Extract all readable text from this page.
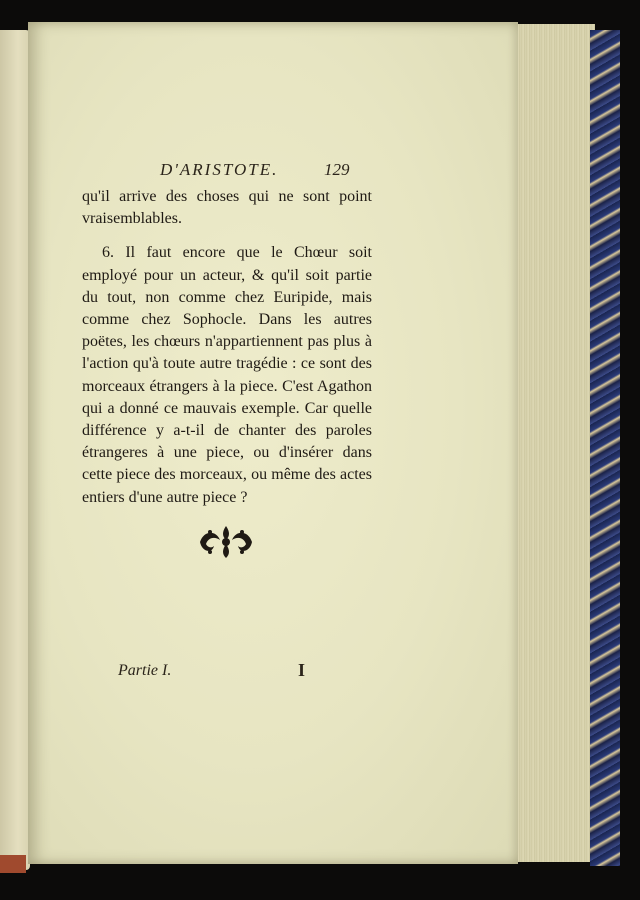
D'ARISTOTE.	129

qu'il arrive des choses qui ne sont point vraisemblables.

6. Il faut encore que le Chœur soit employé pour un acteur, & qu'il soit partie du tout, non comme chez Euripide, mais comme chez Sophocle. Dans les autres poëtes, les chœurs n'appartiennent pas plus à l'action qu'à toute autre tragédie : ce sont des morceaux étrangers à la piece. C'est Agathon qui a donné ce mauvais exemple. Car quelle différence y a-t-il de chanter des paroles étrangeres à une piece, ou d'insérer dans cette piece des morceaux, ou même des actes entiers d'une autre piece ?

Partie I.	I
